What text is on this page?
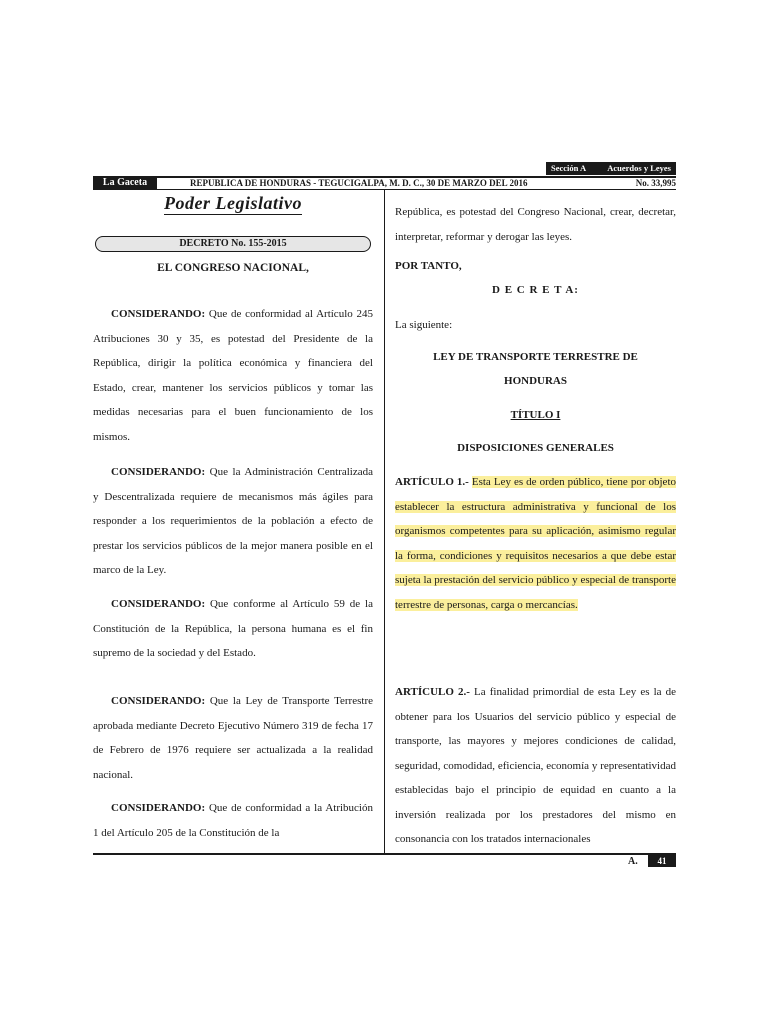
Sección A Acuerdos y Leyes
La Gaceta	REPUBLICA DE HONDURAS - TEGUCIGALPA, M. D. C., 30 DE MARZO DEL 2016	No. 33,995
Poder Legislativo
DECRETO No. 155-2015
EL CONGRESO NACIONAL,
CONSIDERANDO: Que de conformidad al Artículo 245 Atribuciones 30 y 35, es potestad del Presidente de la República, dirigir la política económica y financiera del Estado, crear, mantener los servicios públicos y tomar las medidas necesarias para el buen funcionamiento de los mismos.
CONSIDERANDO: Que la Administración Centralizada y Descentralizada requiere de mecanismos más ágiles para responder a los requerimientos de la población a efecto de prestar los servicios públicos de la mejor manera posible en el marco de la Ley.
CONSIDERANDO: Que conforme al Artículo 59 de la Constitución de la República, la persona humana es el fin supremo de la sociedad y del Estado.
CONSIDERANDO: Que la Ley de Transporte Terrestre aprobada mediante Decreto Ejecutivo Número 319 de fecha 17 de Febrero de 1976 requiere ser actualizada a la realidad nacional.
CONSIDERANDO: Que de conformidad a la Atribución 1 del Artículo 205 de la Constitución de la
República, es potestad del Congreso Nacional, crear, decretar, interpretar, reformar y derogar las leyes.
POR TANTO,
D E C R E T A:
La siguiente:
LEY DE TRANSPORTE TERRESTRE DE
HONDURAS
TÍTULO I
DISPOSICIONES GENERALES
ARTÍCULO 1.- Esta Ley es de orden público, tiene por objeto establecer la estructura administrativa y funcional de los organismos competentes para su aplicación, asimismo regular la forma, condiciones y requisitos necesarios a que debe estar sujeta la prestación del servicio público y especial de transporte terrestre de personas, carga o mercancías.
ARTÍCULO 2.- La finalidad primordial de esta Ley es la de obtener para los Usuarios del servicio público y especial de transporte, las mayores y mejores condiciones de calidad, seguridad, comodidad, eficiencia, economía y representatividad establecidas bajo el principio de equidad en cuanto a la inversión realizada por los prestadores del mismo en consonancia con los tratados internacionales
A.	41
